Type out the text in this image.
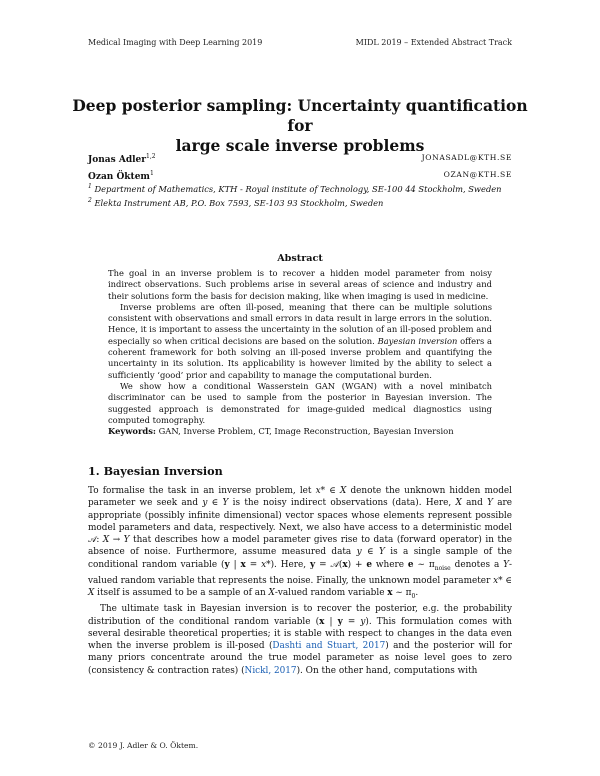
Medical Imaging with Deep Learning 2019	MIDL 2019 – Extended Abstract Track
Deep posterior sampling: Uncertainty quantification for
large scale inverse problems
Jonas Adler$^{1,2}$	JONASADL@KTH.SE
Ozan Öktem$^1$	OZAN@KTH.SE
$^1$ Department of Mathematics, KTH - Royal institute of Technology, SE-100 44 Stockholm, Sweden
$^2$ Elekta Instrument AB, P.O. Box 7593, SE-103 93 Stockholm, Sweden
Abstract

The goal in an inverse problem is to recover a hidden model parameter from noisy indirect observations. Such problems arise in several areas of science and industry and their solutions form the basis for decision making, like when imaging is used in medicine.

Inverse problems are often ill-posed, meaning that there can be multiple solutions consistent with observations and small errors in data result in large errors in the solution. Hence, it is important to assess the uncertainty in the solution of an ill-posed problem and especially so when critical decisions are based on the solution. Bayesian inversion offers a coherent framework for both solving an ill-posed inverse problem and quantifying the uncertainty in its solution. Its applicability is however limited by the ability to select a sufficiently ‘good’ prior and capability to manage the computational burden.

We show how a conditional Wasserstein GAN (WGAN) with a novel minibatch discriminator can be used to sample from the posterior in Bayesian inversion. The suggested approach is demonstrated for image-guided medical diagnostics using computed tomography.

Keywords: GAN, Inverse Problem, CT, Image Reconstruction, Bayesian Inversion

1. Bayesian Inversion

To formalise the task in an inverse problem, let x* ∈ X denote the unknown hidden model parameter we seek and y ∈ Y is the noisy indirect observations (data). Here, X and Y are appropriate (possibly infinite dimensional) vector spaces whose elements represent possible model parameters and data, respectively. Next, we also have access to a deterministic model 𝒜: X → Y that describes how a model parameter gives rise to data (forward operator) in the absence of noise. Furthermore, assume measured data y ∈ Y is a single sample of the conditional random variable (y | x = x*). Here, y = 𝒜(x) + e where e ∼ $\pi_{noise}$ denotes a Y-valued random variable that represents the noise. Finally, the unknown model parameter x* ∈ X itself is assumed to be a sample of an X-valued random variable x ∼ $\pi_0$.

The ultimate task in Bayesian inversion is to recover the posterior, e.g. the probability distribution of the conditional random variable (x | y = y). This formulation comes with several desirable theoretical properties; it is stable with respect to changes in the data even when the inverse problem is ill-posed (Dashti and Stuart, 2017) and the posterior will for many priors concentrate around the true model parameter as noise level goes to zero (consistency & contraction rates) (Nickl, 2017). On the other hand, computations with

© 2019 J. Adler & O. Öktem.
